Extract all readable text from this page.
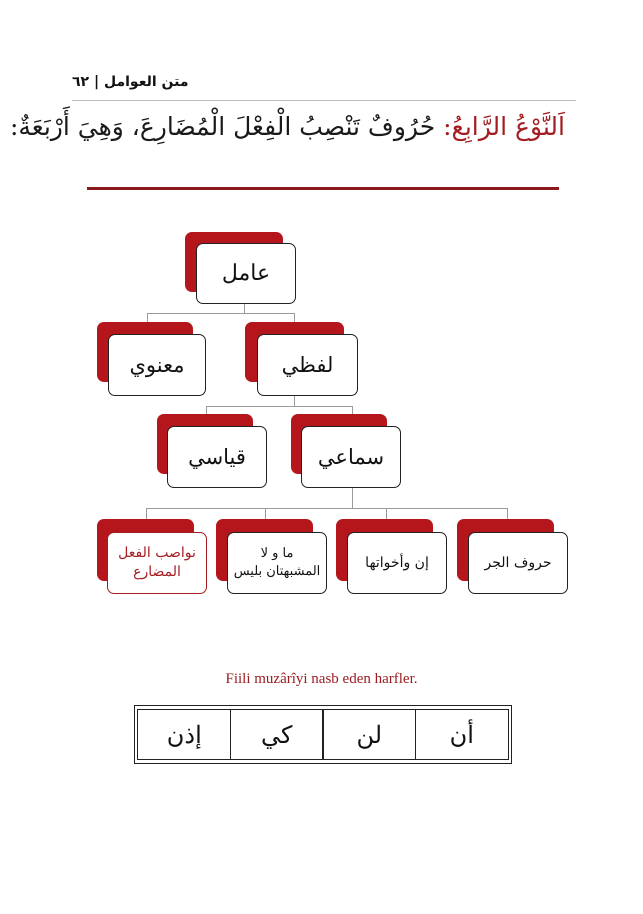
متن العوامل | ٦٢
اَلنَّوْعُ الرَّابِعُ: حُرُوفٌ تَنْصِبُ الْفِعْلَ الْمُضَارِعَ، وَهِيَ أَرْبَعَةٌ:
عامل
معنوي	لفظي
قياسي	سماعي
نواصب الفعل
المضارع
ما و لا
المشبهتان بليس
إن وأخواتها	حروف الجر
Fiili muzârîyi nasb eden harfler.
أن
لن
كي
إذن
